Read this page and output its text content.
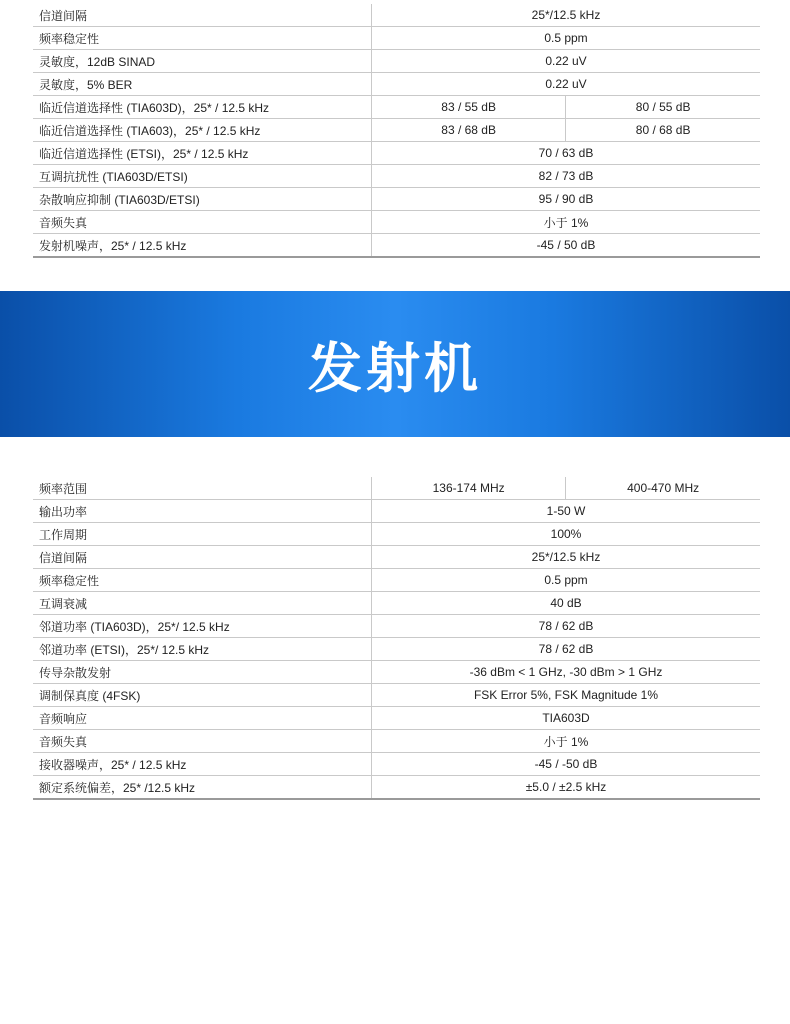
信道间隔	25*/12.5 kHz	
频率稳定性	0.5 ppm	
灵敏度，12dB SINAD	0.22 uV	
灵敏度，5% BER	0.22 uV	
临近信道选择性 (TIA603D)，25* / 12.5 kHz	83 / 55 dB	80 / 55 dB
临近信道选择性 (TIA603)，25* / 12.5 kHz	83 / 68 dB	80 / 68 dB
临近信道选择性 (ETSI)，25* / 12.5 kHz	70 / 63 dB	
互调抗扰性 (TIA603D/ETSI)	82 / 73 dB	
杂散响应抑制 (TIA603D/ETSI)	95 / 90 dB	
音频失真	小于 1%	
发射机噪声，25* / 12.5 kHz	-45 / 50 dB	
发射机
频率范围	136-174 MHz	400-470 MHz
输出功率	1-50 W	
工作周期	100%	
信道间隔	25*/12.5 kHz	
频率稳定性	0.5 ppm	
互调衰减	40 dB	
邻道功率 (TIA603D)，25*/ 12.5 kHz	78 / 62 dB	
邻道功率 (ETSI)，25*/ 12.5 kHz	78 / 62 dB	
传导杂散发射	-36 dBm < 1 GHz, -30 dBm > 1 GHz	
调制保真度 (4FSK)	FSK Error 5%, FSK Magnitude 1%	
音频响应	TIA603D	
音频失真	小于 1%	
接收器噪声，25* / 12.5 kHz	-45 / -50 dB	
额定系统偏差，25* /12.5 kHz	±5.0 / ±2.5 kHz	
